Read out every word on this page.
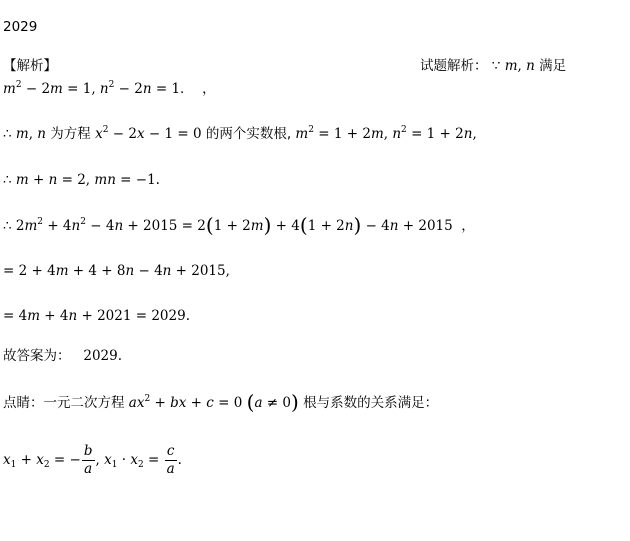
2029
【解析】	试题解析： ∵ m, n 满足
$m^2 - 2m = 1$, $n^2 - 2n = 1$．  ，
∴ m, n 为方程 $x^2 - 2x - 1 = 0$ 的两个实数根, $m^2 = 1 + 2m$, $n^2 = 1 + 2n$,
∴ m + n = 2, mn = −1.
∴ $2m^2 + 4n^2 - 4n + 2015 = 2(1 + 2m) + 4(1 + 2n) - 4n + 2015$  ，
= 2 + 4m + 4 + 8n − 4n + 2015,
= 4m + 4n + 2021 = 2029.
故答案为： 2029.
点睛：一元二次方程 $ax^2$ + bx + c = 0 (a ≠ 0) 根与系数的关系满足：
$x_1 + x_2$ = − $\frac{b}{a}$ , $x_1 \cdot x_2 = \frac{c}{a}$ .
